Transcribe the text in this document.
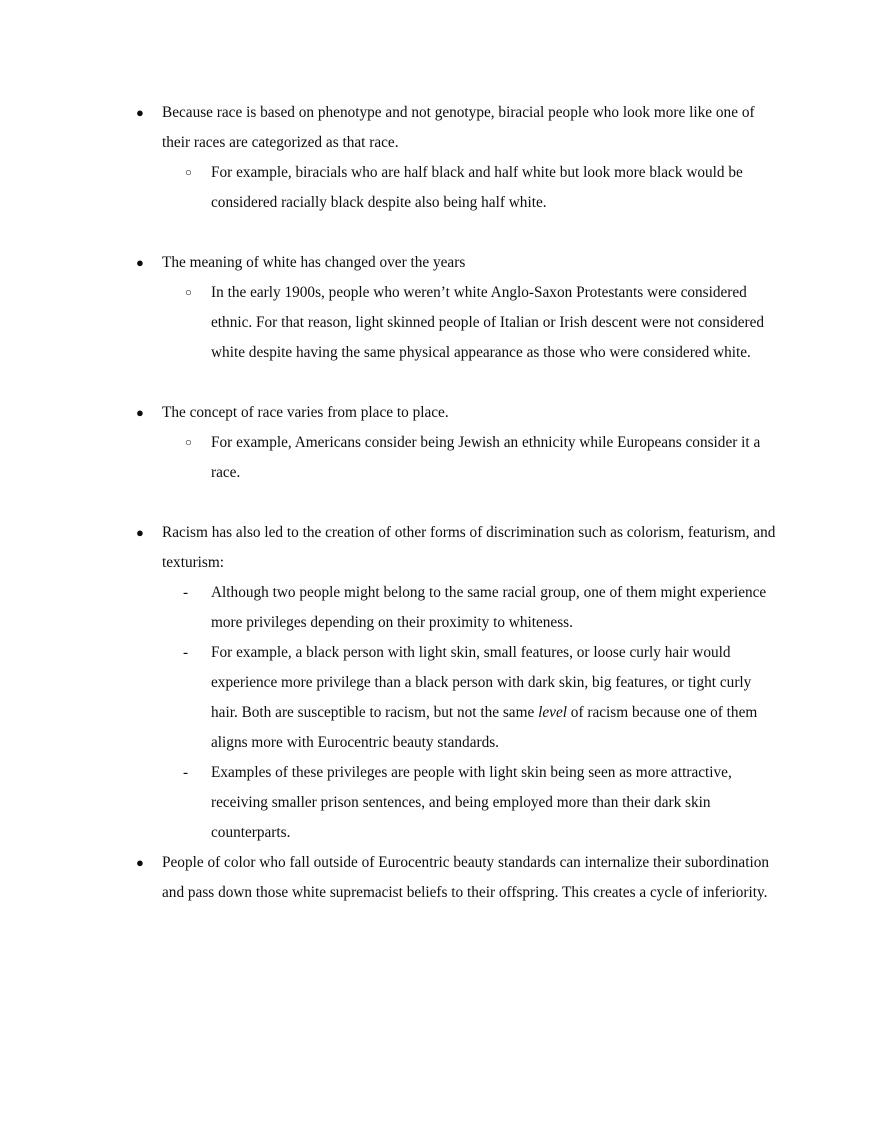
●	Because race is based on phenotype and not genotype, biracial people who look more like one of their races are categorized as that race.
○	For example, biracials who are half black and half white but look more black would be considered racially black despite also being half white.
●	The meaning of white has changed over the years
○	In the early 1900s, people who weren’t white Anglo-Saxon Protestants were considered ethnic. For that reason, light skinned people of Italian or Irish descent were not considered white despite having the same physical appearance as those who were considered white.
●	The concept of race varies from place to place.
○	For example, Americans consider being Jewish an ethnicity while Europeans consider it a race.
●	Racism has also led to the creation of other forms of discrimination such as colorism, featurism, and texturism:
-	Although two people might belong to the same racial group, one of them might experience more privileges depending on their proximity to whiteness.
-	For example, a black person with light skin, small features, or loose curly hair would experience more privilege than a black person with dark skin, big features, or tight curly hair. Both are susceptible to racism, but not the same level of racism because one of them aligns more with Eurocentric beauty standards.
-	Examples of these privileges are people with light skin being seen as more attractive, receiving smaller prison sentences, and being employed more than their dark skin counterparts.
●	People of color who fall outside of Eurocentric beauty standards can internalize their subordination and pass down those white supremacist beliefs to their offspring. This creates a cycle of inferiority.
